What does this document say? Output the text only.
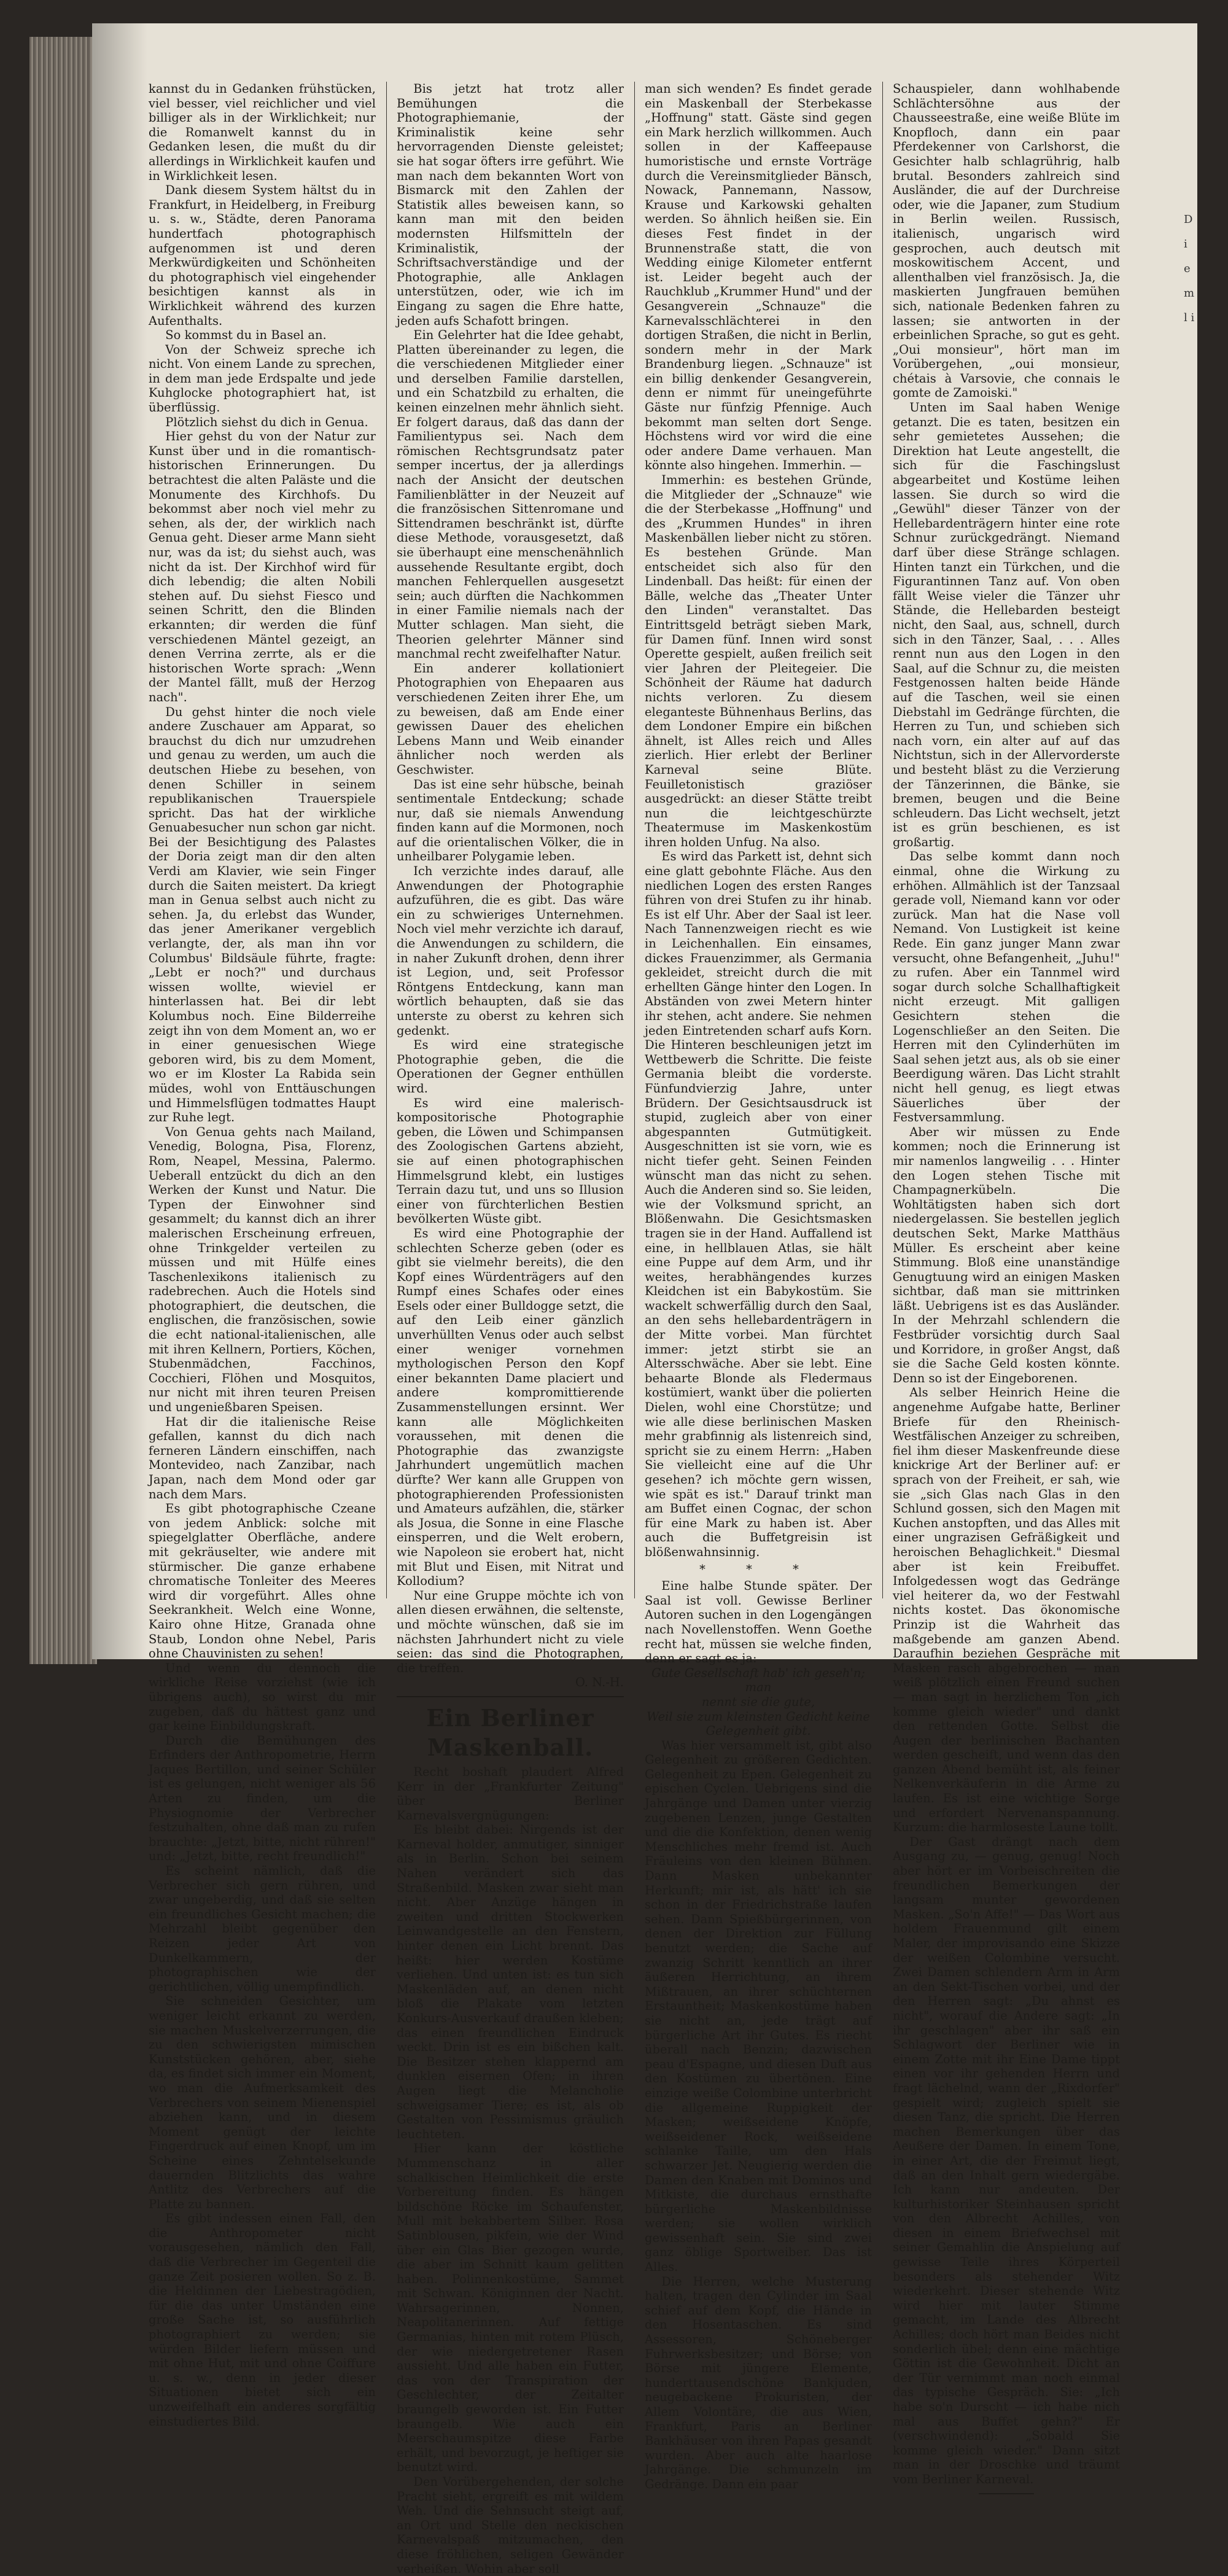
kannst du in Gedanken frühstücken, viel besser, viel reichlicher und viel billiger als in der Wirklichkeit; nur die Romanwelt kannst du in Gedanken lesen, die mußt du dir allerdings in Wirklichkeit kaufen und in Wirklichkeit lesen.

Dank diesem System hältst du in Frankfurt, in Heidelberg, in Freiburg u. s. w., Städte, deren Panorama hundertfach photographisch aufgenommen ist und deren Merkwürdigkeiten und Schönheiten du photographisch viel eingehender besichtigen kannst als in Wirklichkeit während des kurzen Aufenthalts.

So kommst du in Basel an.

Von der Schweiz spreche ich nicht. Von einem Lande zu sprechen, in dem man jede Erdspalte und jede Kuhglocke photographiert hat, ist überflüssig.

Plötzlich siehst du dich in Genua.

Hier gehst du von der Natur zur Kunst über und in die romantisch-historischen Erinnerungen. Du betrachtest die alten Paläste und die Monumente des Kirchhofs. Du bekommst aber noch viel mehr zu sehen, als der, der wirklich nach Genua geht. Dieser arme Mann sieht nur, was da ist; du siehst auch, was nicht da ist. Der Kirchhof wird für dich lebendig; die alten Nobili stehen auf. Du siehst Fiesco und seinen Schritt, den die Blinden erkannten; dir werden die fünf verschiedenen Mäntel gezeigt, an denen Verrina zerrte, als er die historischen Worte sprach: „Wenn der Mantel fällt, muß der Herzog nach".

Du gehst hinter die noch viele andere Zuschauer am Apparat, so brauchst du dich nur umzudrehen und genau zu werden, um auch die deutschen Hiebe zu besehen, von denen Schiller in seinem republikanischen Trauerspiele spricht. Das hat der wirkliche Genuabesucher nun schon gar nicht. Bei der Besichtigung des Palastes der Doria zeigt man dir den alten Verdi am Klavier, wie sein Finger durch die Saiten meistert. Da kriegt man in Genua selbst auch nicht zu sehen. Ja, du erlebst das Wunder, das jener Amerikaner vergeblich verlangte, der, als man ihn vor Columbus' Bildsäule führte, fragte: „Lebt er noch?" und durchaus wissen wollte, wieviel er hinterlassen hat. Bei dir lebt Kolumbus noch. Eine Bilderreihe zeigt ihn von dem Moment an, wo er in einer genuesischen Wiege geboren wird, bis zu dem Moment, wo er im Kloster La Rabida sein müdes, wohl von Enttäuschungen und Himmelsflügen todmattes Haupt zur Ruhe legt.

Von Genua gehts nach Mailand, Venedig, Bologna, Pisa, Florenz, Rom, Neapel, Messina, Palermo. Ueberall entzückt du dich an den Werken der Kunst und Natur. Die Typen der Einwohner sind gesammelt; du kannst dich an ihrer malerischen Erscheinung erfreuen, ohne Trinkgelder verteilen zu müssen und mit Hülfe eines Taschenlexikons italienisch zu radebrechen. Auch die Hotels sind photographiert, die deutschen, die englischen, die französischen, sowie die echt national-italienischen, alle mit ihren Kellnern, Portiers, Köchen, Stubenmädchen, Facchinos, Cocchieri, Flöhen und Mosquitos, nur nicht mit ihren teuren Preisen und ungenießbaren Speisen.

Hat dir die italienische Reise gefallen, kannst du dich nach ferneren Ländern einschiffen, nach Montevideo, nach Zanzibar, nach Japan, nach dem Mond oder gar nach dem Mars.

Es gibt photographische Czeane von jedem Anblick: solche mit spiegelglatter Oberfläche, andere mit gekräuselter, wie andere mit stürmischer. Die ganze erhabene chromatische Tonleiter des Meeres wird dir vorgeführt. Alles ohne Seekrankheit. Welch eine Wonne, Kairo ohne Hitze, Granada ohne Staub, London ohne Nebel, Paris ohne Chauvinisten zu sehen!

Und wenn du dennoch die wirkliche Reise vorziehst (wie ich übrigens auch), so wirst du mir zugeben, daß du hättest ganz und gar keine Einbildungskraft.

Durch die Bemühungen des Erfinders der Anthropometrie, Herrn Jaques Bertillon, und seiner Schüler ist es gelungen, nicht weniger als 56 Arten zu finden, um die Physiognomie der Verbrecher festzuhalten, ohne daß man zu rufen brauchte: „Jetzt, bitte, nicht rühren!" und: „Jetzt, bitte, recht freundlich!"

Es scheint nämlich, daß die Verbrecher sich gern rühren, und zwar ungeberdig, und daß sie selten ein freundliches Gesicht machen; die Mehrzahl bleibt gegenüber den Reizen jeder Art von Dunkelkammern, der photographischen wie der gerichtlichen, völlig unempfindlich.

Sie schneiden Gesichter, um weniger leicht erkannt zu werden, sie machen Muskelverzerrungen, die zu den schwierigsten mimischen Kunststücken gehören, aber, siehe da, es findet sich immer ein Moment, wo man die Aufmerksamkeit des Verbrechers von seinem Mienenspiel abziehen kann, und in diesem Moment genügt der leichte Fingerdruck auf einen Knopf, um im Scheine eines Zehntelsekunde dauernden Blitzlichts das wahre Antlitz des Verbrechers auf die Platte zu bannen.

Es gibt indessen einen Fall, den die Anthropometer nicht vorausgesehen, nämlich den Fall, daß die Verbrecher im Gegenteil die ganze Zeit posieren wollen. So z. B. die Heldinnen der Liebestragödien, für die das unter Umständen eine große Sache ist, so ausführlich photographiert zu werden; sie würden Bilder liefern müssen und mit ohne Hut, mit und ohne Coiffure u. s. w., denn in jeder dieser Situationen bietet sich ein unzweifelhaft ein anderes sorgfältig einstudiertes Bild.

Bis jetzt hat trotz aller Bemühungen die Photographiemanie, der Kriminalistik keine sehr hervorragenden Dienste geleistet; sie hat sogar öfters irre geführt. Wie man nach dem bekannten Wort von Bismarck mit den Zahlen der Statistik alles beweisen kann, so kann man mit den beiden modernsten Hilfsmitteln der Kriminalistik, der Schriftsachverständige und der Photographie, alle Anklagen unterstützen, oder, wie ich im Eingang zu sagen die Ehre hatte, jeden aufs Schafott bringen.

Ein Gelehrter hat die Idee gehabt, Platten übereinander zu legen, die die verschiedenen Mitglieder einer und derselben Familie darstellen, und ein Schatzbild zu erhalten, die keinen einzelnen mehr ähnlich sieht. Er folgert daraus, daß das dann der Familientypus sei. Nach dem römischen Rechtsgrundsatz pater semper incertus, der ja allerdings nach der Ansicht der deutschen Familienblätter in der Neuzeit auf die französischen Sittenromane und Sittendramen beschränkt ist, dürfte diese Methode, vorausgesetzt, daß sie überhaupt eine menschenähnlich aussehende Resultante ergibt, doch manchen Fehlerquellen ausgesetzt sein; auch dürften die Nachkommen in einer Familie niemals nach der Mutter schlagen. Man sieht, die Theorien gelehrter Männer sind manchmal recht zweifelhafter Natur.

Ein anderer kollationiert Photographien von Ehepaaren aus verschiedenen Zeiten ihrer Ehe, um zu beweisen, daß am Ende einer gewissen Dauer des ehelichen Lebens Mann und Weib einander ähnlicher noch werden als Geschwister.

Das ist eine sehr hübsche, beinah sentimentale Entdeckung; schade nur, daß sie niemals Anwendung finden kann auf die Mormonen, noch auf die orientalischen Völker, die in unheilbarer Polygamie leben.

Ich verzichte indes darauf, alle Anwendungen der Photographie aufzuführen, die es gibt. Das wäre ein zu schwieriges Unternehmen. Noch viel mehr verzichte ich darauf, die Anwendungen zu schildern, die in naher Zukunft drohen, denn ihrer ist Legion, und, seit Professor Röntgens Entdeckung, kann man wörtlich behaupten, daß sie das unterste zu oberst zu kehren sich gedenkt.

Es wird eine strategische Photographie geben, die die Operationen der Gegner enthüllen wird.

Es wird eine malerisch-kompositorische Photographie geben, die Löwen und Schimpansen des Zoologischen Gartens abzieht, sie auf einen photographischen Himmelsgrund klebt, ein lustiges Terrain dazu tut, und uns so Illusion einer von fürchterlichen Bestien bevölkerten Wüste gibt.

Es wird eine Photographie der schlechten Scherze geben (oder es gibt sie vielmehr bereits), die den Kopf eines Würdenträgers auf den Rumpf eines Schafes oder eines Esels oder einer Bulldogge setzt, die auf den Leib einer gänzlich unverhüllten Venus oder auch selbst einer weniger vornehmen mythologischen Person den Kopf einer bekannten Dame placiert und andere kompromittierende Zusammenstellungen ersinnt. Wer kann alle Möglichkeiten voraussehen, mit denen die Photographie das zwanzigste Jahrhundert ungemütlich machen dürfte? Wer kann alle Gruppen von photographierenden Professionisten und Amateurs aufzählen, die, stärker als Josua, die Sonne in eine Flasche einsperren, und die Welt erobern, wie Napoleon sie erobert hat, nicht mit Blut und Eisen, mit Nitrat und Kollodium?

Nur eine Gruppe möchte ich von allen diesen erwähnen, die seltenste, und möchte wünschen, daß sie im nächsten Jahrhundert nicht zu viele seien: das sind die Photographen, die treffen.

O. N.-H.

Ein Berliner Maskenball.

Recht boshaft plaudert Alfred Kerr in der „Frankfurter Zeitung" über Berliner Karnevalsvergnügungen:

Es bleibt dabei: Nirgends ist der Karneval holder, anmutiger, sinniger als in Berlin. Schon bei seinem Nahen verändert sich das Straßenbild. Masken zwar sieht man nicht. Aber Anzüge hängen in zweiten und dritten Stockwerken Leinwandgestelle an den Fenstern, hinter denen ein Licht brennt. Das heißt: hier werden Kostüme verliehen. Und unten ist: es tun sich Maskenläden auf, an denen nicht bloß die Plakate vom letzten Konkurs-Ausverkauf draußen kleben; das einen freundlichen Eindruck weckt. Drin ist es ein bißchen kalt. Die Besitzer stehen klappernd am dunklen eisernen Ofen; in ihren Augen liegt die Melancholie schweigsamer Tiere; es ist, als ob Gestalten von Pessimismus gräulich leuchteten.

Hier kann der köstliche Mummenschanz in aller schalkischen Heimlichkeit die erste Vorbereitung finden. Es hängen bildschöne Röcke im Schaufenster, Mull mit bekabbertem Silber. Rosa Satinblousen, pikfein, wie der Wind über ein Glas Bier gezogen wurde, die aber im Schnitt kaum gelitten haben. Polinnenkostüme, Sammet mit Schwan. Königinnen der Nacht. Wahrsagerinnen, Nonnen, Neapolitanerinnen. Auf fettige Germanias, hinten mit rotem Plüsch, der wie niedergetretener Rasen aussieht. Und alle haben ein Futter, das von der Transpiration der Geschlechter, der Zeitalter braungelb geworden ist. Ein Futter braungelb. Wie auch ein Meerschaumspitze diese Farbe erhält, und bevorzugt, je heftiger sie benutzt wird.

Den Vorübergehenden, der solche Pracht sieht, ergreift es mit wildem Weh. Und die Sehnsucht steigt auf, an Ort und Stelle den neckischen Karnevalspaß mitzumachen, den diese fröhlichen, seligen Gewänder verheißen. Wohin aber soll

man sich wenden? Es findet gerade ein Maskenball der Sterbekasse „Hoffnung" statt. Gäste sind gegen ein Mark herzlich willkommen. Auch sollen in der Kaffeepause humoristische und ernste Vorträge durch die Vereinsmitglieder Bänsch, Nowack, Pannemann, Nassow, Krause und Karkowski gehalten werden. So ähnlich heißen sie. Ein dieses Fest findet in der Brunnenstraße statt, die von Wedding einige Kilometer entfernt ist. Leider begeht auch der Rauchklub „Krummer Hund" und der Gesangverein „Schnauze" die Karnevalsschlächterei in den dortigen Straßen, die nicht in Berlin, sondern mehr in der Mark Brandenburg liegen. „Schnauze" ist ein billig denkender Gesangverein, denn er nimmt für uneingeführte Gäste nur fünfzig Pfennige. Auch bekommt man selten dort Senge. Höchstens wird vor wird die eine oder andere Dame verhauen. Man könnte also hingehen. Immerhin. —

Immerhin: es bestehen Gründe, die Mitglieder der „Schnauze" wie die der Sterbekasse „Hoffnung" und des „Krummen Hundes" in ihren Maskenbällen lieber nicht zu stören. Es bestehen Gründe. Man entscheidet sich also für den Lindenball. Das heißt: für einen der Bälle, welche das „Theater Unter den Linden" veranstaltet. Das Eintrittsgeld beträgt sieben Mark, für Damen fünf. Innen wird sonst Operette gespielt, außen freilich seit vier Jahren der Pleitegeier. Die Schönheit der Räume hat dadurch nichts verloren. Zu diesem eleganteste Bühnenhaus Berlins, das dem Londoner Empire ein bißchen ähnelt, ist Alles reich und Alles zierlich. Hier erlebt der Berliner Karneval seine Blüte. Feuilletonistisch graziöser ausgedrückt: an dieser Stätte treibt nun die leichtgeschürzte Theatermuse im Maskenkostüm ihren holden Unfug. Na also.

Es wird das Parkett ist, dehnt sich eine glatt gebohnte Fläche. Aus den niedlichen Logen des ersten Ranges führen von drei Stufen zu ihr hinab. Es ist elf Uhr. Aber der Saal ist leer. Nach Tannenzweigen riecht es wie in Leichenhallen. Ein einsames, dickes Frauenzimmer, als Germania gekleidet, streicht durch die mit erhellten Gänge hinter den Logen. In Abständen von zwei Metern hinter ihr stehen, acht andere. Sie nehmen jeden Eintretenden scharf aufs Korn. Die Hinteren beschleunigen jetzt im Wettbewerb die Schritte. Die feiste Germania bleibt die vorderste. Fünfundvierzig Jahre, unter Brüdern. Der Gesichtsausdruck ist stupid, zugleich aber von einer abgespannten Gutmütigkeit. Ausgeschnitten ist sie vorn, wie es nicht tiefer geht. Seinen Feinden wünscht man das nicht zu sehen. Auch die Anderen sind so. Sie leiden, wie der Volksmund spricht, an Blößenwahn. Die Gesichtsmasken tragen sie in der Hand. Auffallend ist eine, in hellblauen Atlas, sie hält eine Puppe auf dem Arm, und ihr weites, herabhängendes kurzes Kleidchen ist ein Babykostüm. Sie wackelt schwerfällig durch den Saal, an den sehs hellebardenträgern in der Mitte vorbei. Man fürchtet immer: jetzt stirbt sie an Altersschwäche. Aber sie lebt. Eine behaarte Blonde als Fledermaus kostümiert, wankt über die polierten Dielen, wohl eine Chorstütze; und wie alle diese berlinischen Masken mehr grabfinnig als listenreich sind, spricht sie zu einem Herrn: „Haben Sie vielleicht eine auf die Uhr gesehen? ich möchte gern wissen, wie spät es ist." Darauf trinkt man am Buffet einen Cognac, der schon für eine Mark zu haben ist. Aber auch die Buffetgreisin ist blößenwahnsinnig.

* * *

Eine halbe Stunde später. Der Saal ist voll. Gewisse Berliner Autoren suchen in den Logengängen nach Novellenstoffen. Wenn Goethe recht hat, müssen sie welche finden, denn er sagt es ja:

Gute Gesellschaft hab' ich geseh'n; man

nennt sie die gute,

Weil sie zum kleinsten Gedicht keine

Gelegenheit gibt.

Was hier versammelt ist, gibt also Gelegenheit zu größeren Gedichten. Gelegenheit zu Epen. Gelegenheit zu epischen Cyclen. Uebrigens sind die Jahrgänge und Damen unter vierzig zugebenen Lenzen, junge Gestalten und die die Konfektion, denen wenig Menschliches mehr fremd ist. Auch Fräuleins von den kleinen Bühnen. Dann Masken unbekannter Herkunft; mir ist, als hätt' ich sie schon in der Friedrichstraße laufen sehen. Dann Spießbürgerinnen, von denen der Direktion zur Füllung benutzt werden; die Sache auf zwanzig Schritt kenntlich an ihrer äußeren Herrichtung, an ihrem Mißtrauen, an ihrer schüchternen Erstauntheit; Maskenkostüme haben sie nicht an, jede trägt auf bürgerliche Art ihr Gutes. Es riecht überall nach Benzin; dazwischen peau d'Espagne, und diesen Duft aus den Kostümen zu übertönen. Eine einzige weiße Colombine unterbricht die allgemeine Ruppigkeit der Masken; weißseidene Knöpfe, weißseidener Rock, weißseidene schlanke Taille, um den Hals schwarzer Jet. Neugierig werden die Damen den Knaben mit Dominos und Mitkiste, die durchaus ernsthafte bürgerliche Maskenbildnisse werden; sie wollen wirklich gewissenhaft sein. Sie sind zwei ganz öblige Sportweiber. Das ist Alles.

Die Herren, welche Musterung halten, tragen den Cylinder im Saal schief auf dem Kopf, die Hände in den Hosentaschen. Es sind Assessoren, Schöneberger Fuhrwerksbesitzer; und Börse; von Börse mit jüngere Elemente, hunderttausendschöne Bankjuden, neugebackene Prokuristen, der Allem Volontäre, die aus Wien, Frankfurt, Paris an Berliner Bankhäuser von ihren Papas gesandt wurden. Aber auch alte haarlose Jahrgänge. Die schmunzeln im Gedränge. Dann ein paar

Schauspieler, dann wohlhabende Schlächtersöhne aus der Chausseestraße, eine weiße Blüte im Knopfloch, dann ein paar Pferdekenner von Carlshorst, die Gesichter halb schlagrührig, halb brutal. Besonders zahlreich sind Ausländer, die auf der Durchreise oder, wie die Japaner, zum Studium in Berlin weilen. Russisch, italienisch, ungarisch wird gesprochen, auch deutsch mit moskowitischem Accent, und allenthalben viel französisch. Ja, die maskierten Jungfrauen bemühen sich, nationale Bedenken fahren zu lassen; sie antworten in der erbeinlichen Sprache, so gut es geht. „Oui monsieur", hört man im Vorübergehen, „oui monsieur, chétais à Varsovie, che connais le gomte de Zamoiski."

Unten im Saal haben Wenige getanzt. Die es taten, besitzen ein sehr gemietetes Aussehen; die Direktion hat Leute angestellt, die sich für die Faschingslust abgearbeitet und Kostüme leihen lassen. Sie durch so wird die „Gewühl" dieser Tänzer von der Hellebardenträgern hinter eine rote Schnur zurückgedrängt. Niemand darf über diese Stränge schlagen. Hinten tanzt ein Türkchen, und die Figurantinnen Tanz auf. Von oben fällt Weise vieler die Tänzer uhr Stände, die Hellebarden besteigt nicht, den Saal, aus, schnell, durch sich in den Tänzer, Saal, . . . Alles rennt nun aus den Logen in den Saal, auf die Schnur zu, die meisten Festgenossen halten beide Hände auf die Taschen, weil sie einen Diebstahl im Gedränge fürchten, die Herren zu Tun, und schieben sich nach vorn, ein alter auf auf das Nichtstun, sich in der Allervorderste und besteht bläst zu die Verzierung der Tänzerinnen, die Bänke, sie bremen, beugen und die Beine schleudern. Das Licht wechselt, jetzt ist es grün beschienen, es ist großartig.

Das selbe kommt dann noch einmal, ohne die Wirkung zu erhöhen. Allmählich ist der Tanzsaal gerade voll, Niemand kann vor oder zurück. Man hat die Nase voll Nemand. Von Lustigkeit ist keine Rede. Ein ganz junger Mann zwar versucht, ohne Befangenheit, „Juhu!" zu rufen. Aber ein Tannmel wird sogar durch solche Schallhaftigkeit nicht erzeugt. Mit galligen Gesichtern stehen die Logenschließer an den Seiten. Die Herren mit den Cylinderhüten im Saal sehen jetzt aus, als ob sie einer Beerdigung wären. Das Licht strahlt nicht hell genug, es liegt etwas Säuerliches über der Festversammlung.

Aber wir müssen zu Ende kommen; noch die Erinnerung ist mir namenlos langweilig . . . Hinter den Logen stehen Tische mit Champagnerkübeln. Die Wohltätigsten haben sich dort niedergelassen. Sie bestellen jeglich deutschen Sekt, Marke Matthäus Müller. Es erscheint aber keine Stimmung. Bloß eine unanständige Genugtuung wird an einigen Masken sichtbar, daß man sie mittrinken läßt. Uebrigens ist es das Ausländer. In der Mehrzahl schlendern die Festbrüder vorsichtig durch Saal und Korridore, in großer Angst, daß sie die Sache Geld kosten könnte. Denn so ist der Eingeborenen.

Als selber Heinrich Heine die angenehme Aufgabe hatte, Berliner Briefe für den Rheinisch-Westfälischen Anzeiger zu schreiben, fiel ihm dieser Maskenfreunde diese knickrige Art der Berliner auf: er sprach von der Freiheit, er sah, wie sie „sich Glas nach Glas in den Schlund gossen, sich den Magen mit Kuchen anstopften, und das Alles mit einer ungrazisen Gefräßigkeit und heroischen Behaglichkeit." Diesmal aber ist kein Freibuffet. Infolgedessen wogt das Gedränge viel heiterer da, wo der Festwahl nichts kostet. Das ökonomische Prinzip ist die Wahrheit das maßgebende am ganzen Abend. Daraufhin beziehen Gespräche mit Masken rasch abgebrochen — man weiß plötzlich einen Freund suchen — man sagt in herzlichem Ton „ich komme gleich wieder" und dankt den rettenden Gotte. Selbst die Augen der berlinischen Bachanten werden gescheift, und wenn das den ganzen Abend bemüht ist, als feiner Nelkenverkäuferin in die Arme zu laufen. Es ist eine wichtige Sorge und erfordert Nervenanspannung. Kurzum: die harmloseste Laune tollt.

Der Gast drängt nach dem Ausgang zu, — genug, genug! Noch aber hört er im Vorbeischreiten die freundlichen Bemerkungen der langsam munter gewordenen Masken. „So'n Affe!" — Das Wort aus holdem Frauenmund gilt einem Maler, der improvisando eine Skizze der weißen Colombine versucht. Zwei Damen schlendern Arm in Arm an den Sekt-Tischen vorbei, und der den Herren sagt: „Du ahnst es nicht", worauf die Andere sagt: „In ihr geschlagen" aber ihr saß ein Schlagwort der Berliner wie in einem Zotte mit ihr Eine Dame tippt einen vor ihr gehenden Herrn und fragt lächelnd, wann der „Rixdorfer" gespielt wird; zugleich spielt sie diesen Tanz, die spricht. Die Herren machen Bemerkungen über das Aeußere der Damen. In einem Tone, in einer Art, die der Freimut liegt, daß an den Inhalt gern wiedergäbe. Ich kann nur andeuten. Der kulturhistoriker Steinhausen spricht von den Albrecht Achilles, von diesen in einem Briefwechsel mit seiner Gemahlin die Anspielung auf gewisse Teile ihres Körperteil besonders als stehender Witz wiederkehrt. Dieser stehende Witz wird hier mit lauter Stimme gemacht, im Lande des Albrecht Achilles; doch hört man Beides nicht sonderlich übel; denn eine mächtige Göttin ist die Gewohnheit. Dicht an der Tür vernimmt man noch einmal das typische Gespräch. Sie: „Ich habe so'n Durscht — ich habe nich mal aus Buffet gehn?" Er (verschwindend): „Sobald Sie komme gleich wieder." Dann sitzt man in der Droschke und träumt vom Berliner Karneval.

D i e m l i
